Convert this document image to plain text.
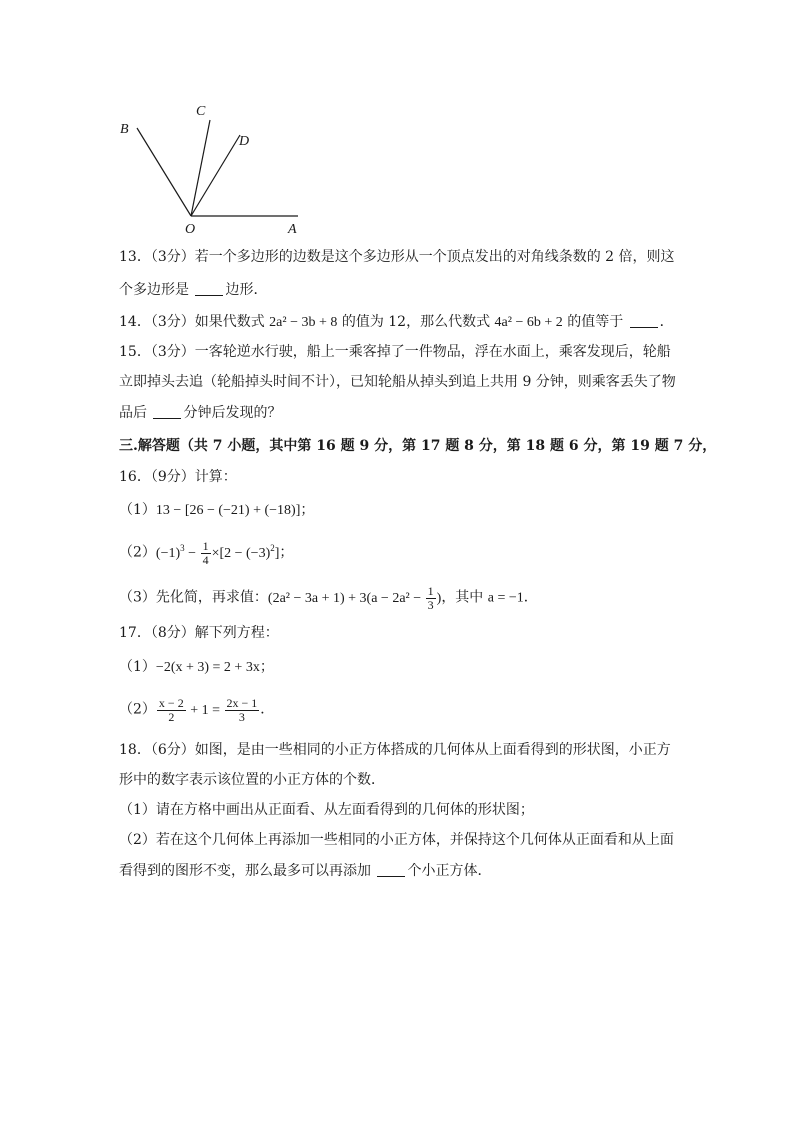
B
C
D
O	A
13．（3分）若一个多边形的边数是这个多边形从一个顶点发出的对角线条数的 2 倍，则这
个多边形是 边形．
14．（3分）如果代数式 2a² − 3b + 8 的值为 12，那么代数式 4a² − 6b + 2 的值等于 ．
15．（3分）一客轮逆水行驶，船上一乘客掉了一件物品，浮在水面上，乘客发现后，轮船
立即掉头去追（轮船掉头时间不计），已知轮船从掉头到追上共用 9 分钟，则乘客丢失了物
品后 分钟后发现的？
三.解答题（共 7 小题，其中第 16 题 9 分，第 17 题 8 分，第 18 题 6 分，第 19 题 7 分，
16．（9分）计算：
（1）13 − [26 − (−21) + (−18)]；
$(2)(-1)^3 - \frac{1}{4} \times[2 - (-3)^2]$；
（3）先化简，再求值：$(2a^2 - 3a + 1) + 3(a - 2a^2 - \frac{1}{3}$ )，其中 a = −1．
17．（8分）解下列方程：
（1）−2(x + 3) = 2 + 3x；
$(2) \frac{x - 2}{2} + 1 = \frac{2x - 1}{3}$ ．
18．（6分）如图，是由一些相同的小正方体搭成的几何体从上面看得到的形状图，小正方
形中的数字表示该位置的小正方体的个数．
（1）请在方格中画出从正面看、从左面看得到的几何体的形状图；
（2）若在这个几何体上再添加一些相同的小正方体，并保持这个几何体从正面看和从上面
看得到的图形不变，那么最多可以再添加 个小正方体．
